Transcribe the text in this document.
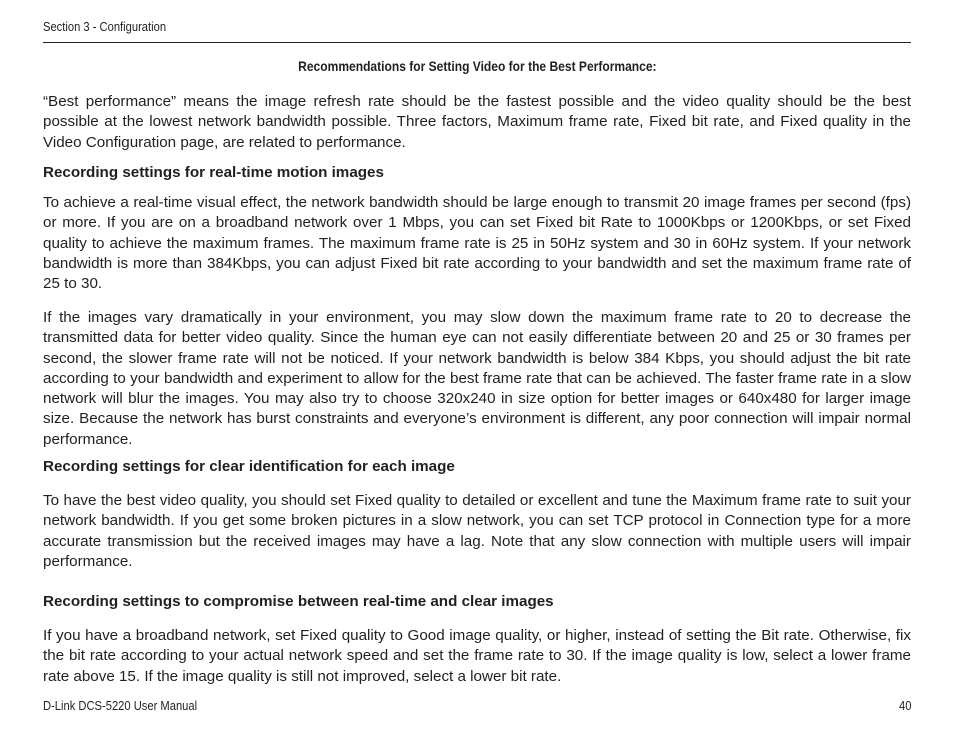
Section 3 - Configuration
Recommendations for Setting Video for the Best Performance:

“Best performance” means the image refresh rate should be the fastest possible and the video quality should be the best possible at the lowest network bandwidth possible. Three factors, Maximum frame rate, Fixed bit rate, and Fixed quality in the Video Configuration page, are related to performance.

Recording settings for real-time motion images

To achieve a real-time visual effect, the network bandwidth should be large enough to transmit 20 image frames per second (fps) or more. If you are on a broadband network over 1 Mbps, you can set Fixed bit Rate to 1000Kbps or 1200Kbps, or set Fixed quality to achieve the maximum frames. The maximum frame rate is 25 in 50Hz system and 30 in 60Hz system. If your network bandwidth is more than 384Kbps, you can adjust Fixed bit rate according to your bandwidth and set the maximum frame rate of 25 to 30.

If the images vary dramatically in your environment, you may slow down the maximum frame rate to 20 to decrease the transmitted data for better video quality. Since the human eye can not easily differentiate between 20 and 25 or 30 frames per second, the slower frame rate will not be noticed. If your network bandwidth is below 384 Kbps, you should adjust the bit rate according to your bandwidth and experiment to allow for the best frame rate that can be achieved. The faster frame rate in a slow network will blur the images. You may also try to choose 320x240 in size option for better images or 640x480 for larger image size. Because the network has burst constraints and everyone’s environment is different, any poor connection will impair normal performance.

Recording settings for clear identification for each image

To have the best video quality, you should set Fixed quality to detailed or excellent and tune the Maximum frame rate to suit your network bandwidth. If you get some broken pictures in a slow network, you can set TCP protocol in Connection type for a more accurate transmission but the received images may have a lag. Note that any slow connection with multiple users will impair performance.

Recording settings to compromise between real-time and clear images

If you have a broadband network, set Fixed quality to Good image quality, or higher, instead of setting the Bit rate. Otherwise, fix the bit rate according to your actual network speed and set the frame rate to 30. If the image quality is low, select a lower frame rate above 15. If the image quality is still not improved, select a lower bit rate.

D-Link DCS-5220 User Manual	40
